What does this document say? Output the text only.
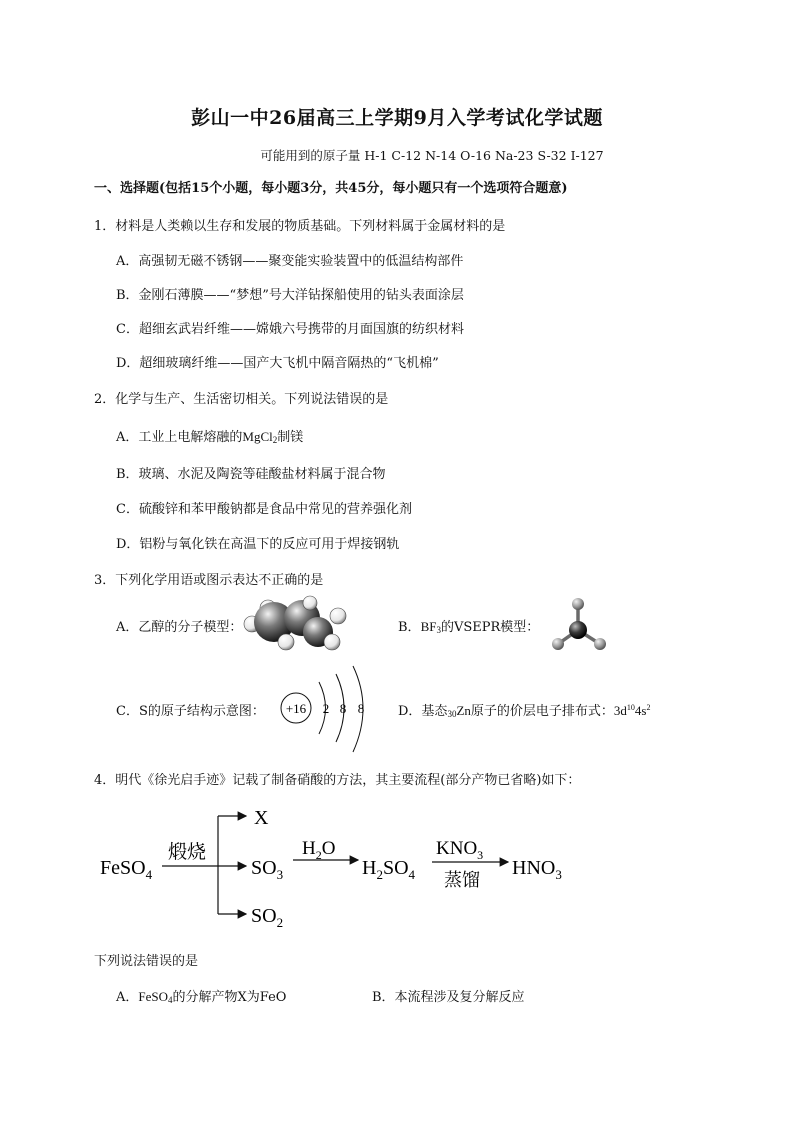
彭山一中26届高三上学期9月入学考试化学试题
可能用到的原子量 H-1 C-12 N-14 O-16 Na-23 S-32 I-127
一、选择题(包括15个小题，每小题3分，共45分，每小题只有一个选项符合题意)
1．材料是人类赖以生存和发展的物质基础。下列材料属于金属材料的是
A．高强韧无磁不锈钢——聚变能实验装置中的低温结构部件
B．金刚石薄膜——“梦想”号大洋钻探船使用的钻头表面涂层
C．超细玄武岩纤维——嫦娥六号携带的月面国旗的纺织材料
D．超细玻璃纤维——国产大飞机中隔音隔热的“飞机棉”
2．化学与生产、生活密切相关。下列说法错误的是
A．工业上电解熔融的MgCl$_2$制镁
B．玻璃、水泥及陶瓷等硅酸盐材料属于混合物
C．硫酸锌和苯甲酸钠都是食品中常见的营养强化剂
D．铝粉与氧化铁在高温下的反应可用于焊接钢轨
3．下列化学用语或图示表达不正确的是
A．乙醇的分子模型：	B．$BF_3$的VSEPR模型：
C．S的原子结构示意图： +16 2 8 8	D．基态$_{30}$Zn原子的价层电子排布式：$3d^{10}4s^2$
4．明代《徐光启手迹》记载了制备硝酸的方法，其主要流程(部分产物已省略)如下：
FeSO$_4$
煅烧
X
$SO_3$
$SO_2$
$H_2O$
$H_2SO_4$
$KNO_3$
蒸馏
$HNO_3$
下列说法错误的是
A．FeSO$_4$的分解产物X为FeO	B．本流程涉及复分解反应
